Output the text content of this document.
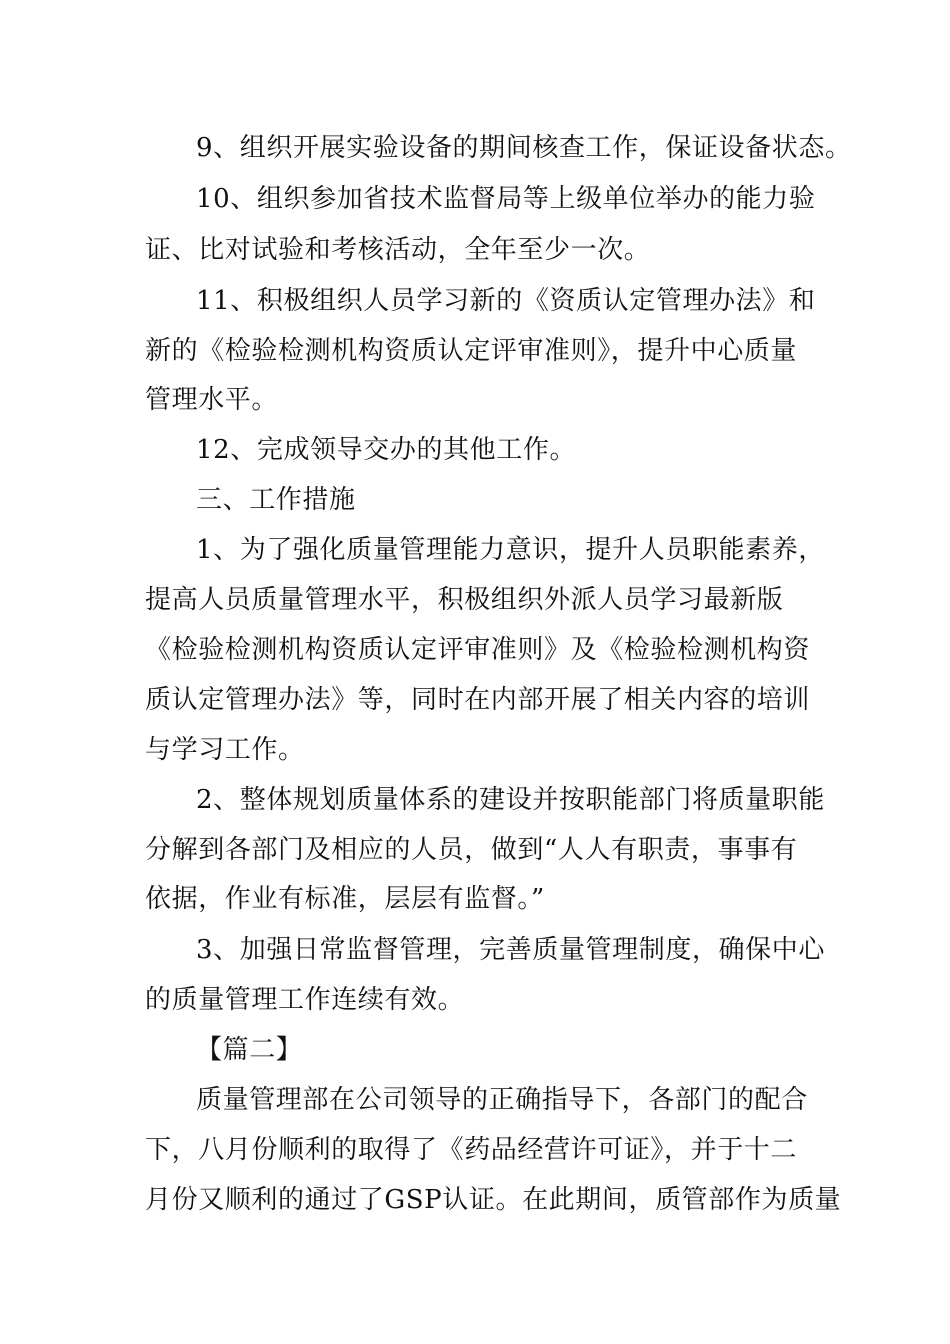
9、组织开展实验设备的期间核查工作，保证设备状态。
10、组织参加省技术监督局等上级单位举办的能力验
证、比对试验和考核活动，全年至少一次。
11、积极组织人员学习新的《资质认定管理办法》和
新的《检验检测机构资质认定评审准则》，提升中心质量
管理水平。
12、完成领导交办的其他工作。
三、工作措施
1、为了强化质量管理能力意识，提升人员职能素养，
提高人员质量管理水平，积极组织外派人员学习最新版
《检验检测机构资质认定评审准则》及《检验检测机构资
质认定管理办法》等，同时在内部开展了相关内容的培训
与学习工作。
2、整体规划质量体系的建设并按职能部门将质量职能
分解到各部门及相应的人员，做到“人人有职责，事事有
依据，作业有标准，层层有监督。”
3、加强日常监督管理，完善质量管理制度，确保中心
的质量管理工作连续有效。
【篇二】
质量管理部在公司领导的正确指导下，各部门的配合
下，八月份顺利的取得了《药品经营许可证》，并于十二
月份又顺利的通过了GSP认证。在此期间，质管部作为质量
